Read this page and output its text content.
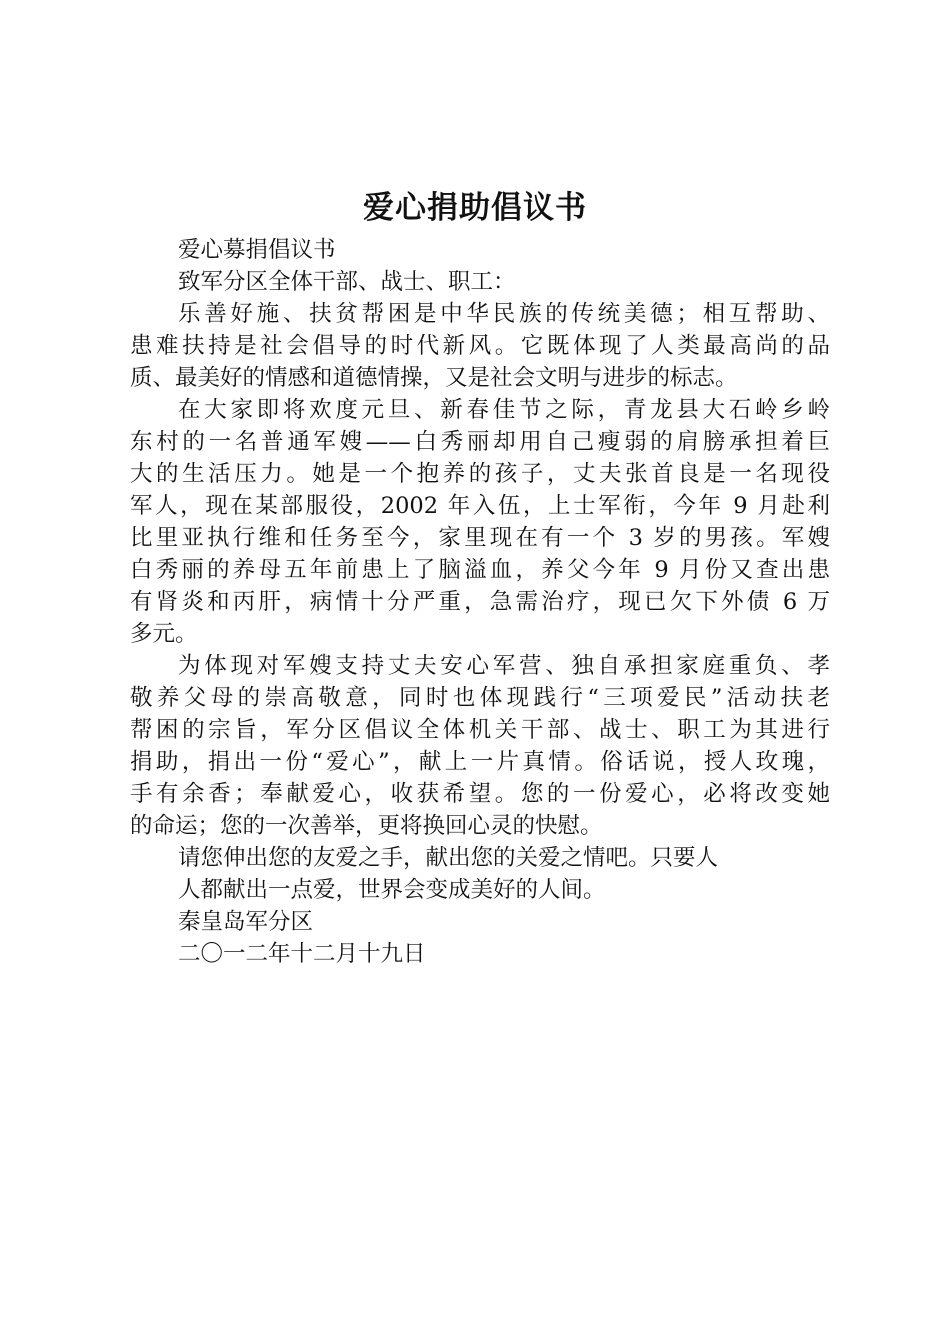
爱心捐助倡议书
爱心募捐倡议书
致军分区全体干部、战士、职工：
乐善好施、扶贫帮困是中华民族的传统美德；相互帮助、
患难扶持是社会倡导的时代新风。它既体现了人类最高尚的品
质、最美好的情感和道德情操，又是社会文明与进步的标志。
在大家即将欢度元旦、新春佳节之际，青龙县大石岭乡岭
东村的一名普通军嫂——白秀丽却用自己瘦弱的肩膀承担着巨
大的生活压力。她是一个抱养的孩子，丈夫张首良是一名现役
军人，现在某部服役，2002 年入伍，上士军衔，今年 9 月赴利
比里亚执行维和任务至今，家里现在有一个 3 岁的男孩。军嫂
白秀丽的养母五年前患上了脑溢血，养父今年 9 月份又查出患
有肾炎和丙肝，病情十分严重，急需治疗，现已欠下外债 6 万
多元。
为体现对军嫂支持丈夫安心军营、独自承担家庭重负、孝
敬养父母的崇高敬意，同时也体现践行“三项爱民”活动扶老
帮困的宗旨，军分区倡议全体机关干部、战士、职工为其进行
捐助，捐出一份“爱心”，献上一片真情。俗话说，授人玫瑰，
手有余香；奉献爱心，收获希望。您的一份爱心，必将改变她
的命运；您的一次善举，更将换回心灵的快慰。
请您伸出您的友爱之手，献出您的关爱之情吧。只要人
人都献出一点爱，世界会变成美好的人间。
秦皇岛军分区
二〇一二年十二月十九日
